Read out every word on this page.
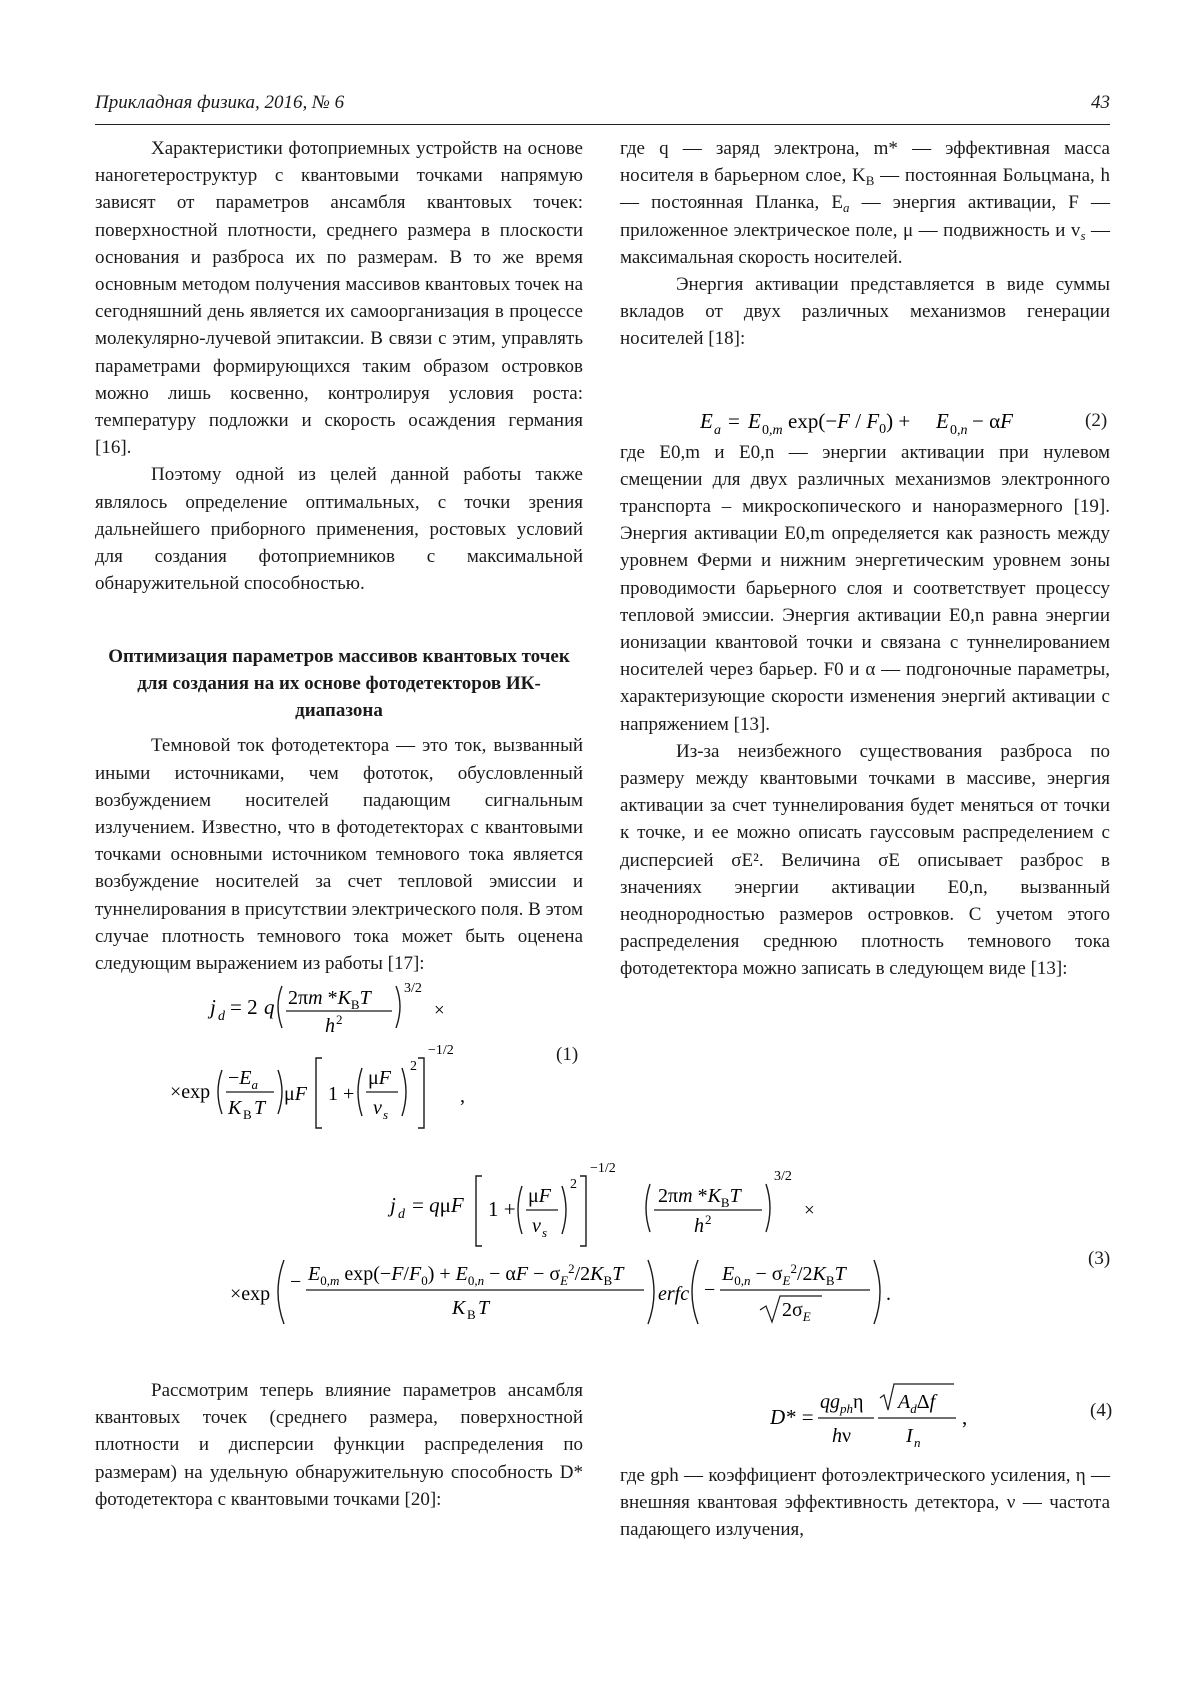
Прикладная физика, 2016, № 6	43

Характеристики фотоприемных устройств на основе наногетероструктур с квантовыми точками напрямую зависят от параметров ансамбля квантовых точек: поверхностной плотности, среднего размера в плоскости основания и разброса их по размерам. В то же время основным методом получения массивов квантовых точек на сегодняшний день является их самоорганизация в процессе молекулярно-лучевой эпитаксии. В связи с этим, управлять параметрами формирующихся таким образом островков можно лишь косвенно, контролируя условия роста: температуру подложки и скорость осаждения германия [16].

Поэтому одной из целей данной работы также являлось определение оптимальных, с точки зрения дальнейшего приборного применения, ростовых условий для создания фотоприемников с максимальной обнаружительной способностью.

Оптимизация параметров массивов квантовых точек для создания на их основе фотодетекторов ИК-диапазона

Темновой ток фотодетектора — это ток, вызванный иными источниками, чем фототок, обусловленный возбуждением носителей падающим сигнальным излучением. Известно, что в фотодетекторах с квантовыми точками основными источником темнового тока является возбуждение носителей за счет тепловой эмиссии и туннелирования в присутствии электрического поля. В этом случае плотность темнового тока может быть оценена следующим выражением из работы [17]:

j d = 2 q 2πm $*K_BT$
h 2
3/2
×
×exp
$-E_a$
K B T
μF 1 +
μF
v s
2
−1/2
,
(1)

где q — заряд электрона, m* — эффективная масса носителя в барьерном слое, $K_B$ — постоянная Больцмана, h — постоянная Планка, $E_a$ — энергия активации, F — приложенное электрическое поле, μ — подвижность и $v_s$ — максимальная скорость носителей.

Энергия активации представляется в виде суммы вкладов от двух различных механизмов генерации носителей [18]:

где E0,m и E0,n — энергии активации при нулевом смещении для двух различных механизмов электронного транспорта – микроскопического и наноразмерного [19]. Энергия активации E0,m определяется как разность между уровнем Ферми и нижним энергетическим уровнем зоны проводимости барьерного слоя и соответствует процессу тепловой эмиссии. Энергия активации E0,n равна энергии ионизации квантовой точки и связана с туннелированием носителей через барьер. F0 и α — подгоночные параметры, характеризующие скорости изменения энергий активации с напряжением [13].

Из-за неизбежного существования разброса по размеру между квантовыми точками в массиве, энергия активации за счет туннелирования будет меняться от точки к точке, и ее можно описать гауссовым распределением с дисперсией σE². Величина σE описывает разброс в значениях энергии активации E0,n, вызванный неоднородностью размеров островков. С учетом этого распределения среднюю плотность темнового тока фотодетектора можно записать в следующем виде [13]:

E a = E 0,m $\exp(-F / F_0) + E$ 0,n − αF	(2)
j d = qμF 1 +
μF
v s
2
−1/2
2πm $*K_BT$
h 2
3/2
×
×exp
− $E_{0,m}$ $\exp(-F/F_0) + E_{0,n} - \alpha F - \sigma_E^2/2K_BT$
K B T
erfc −
$E_{0,n} - \sigma_E^2/2K_BT$
$2\sigma_E$
.
(3)

Рассмотрим теперь влияние параметров ансамбля квантовых точек (среднего размера, поверхностной плотности и дисперсии функции распределения по размерам) на удельную обнаружительную способность D* фотодетектора с квантовыми точками [20]:

D * =
$qg_{ph}\eta$
hν
$A_d\Delta f$
I n
,	(4)

где gph — коэффициент фотоэлектрического усиления, η — внешняя квантовая эффективность детектора, ν — частота падающего излучения,
